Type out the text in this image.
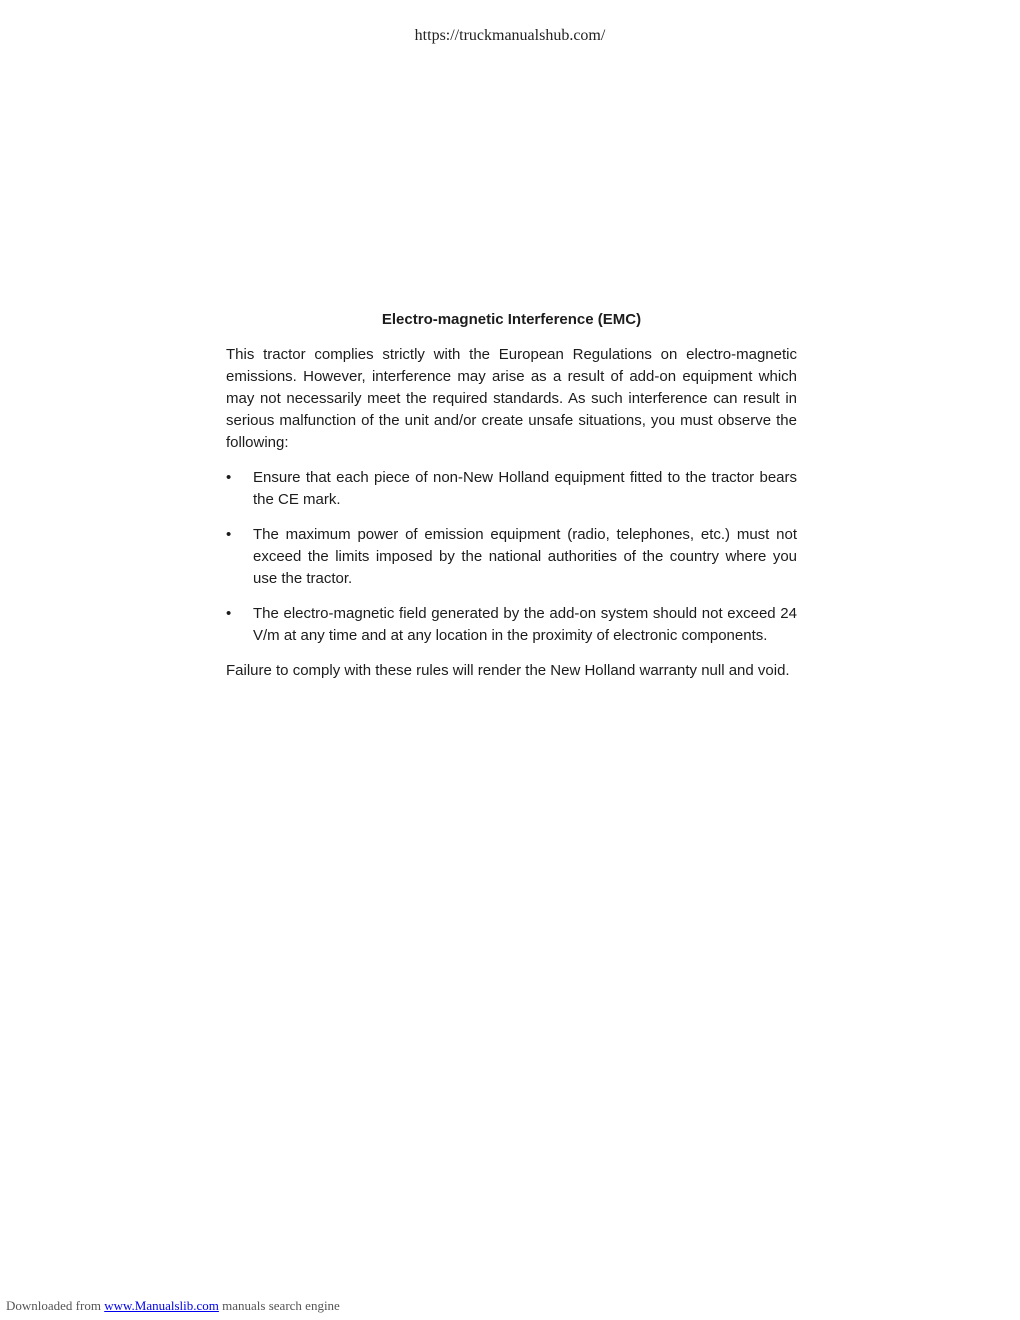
https://truckmanualshub.com/
Electro-magnetic Interference (EMC)

This tractor complies strictly with the European Regulations on electro-magnetic emissions. However, interference may arise as a result of add-on equipment which may not necessarily meet the required standards. As such interference can result in serious malfunction of the unit and/or create unsafe situations, you must observe the following:

•	Ensure that each piece of non-New Holland equipment fitted to the tractor bears the CE mark.
•	The maximum power of emission equipment (radio, telephones, etc.) must not exceed the limits imposed by the national authorities of the country where you use the tractor.
•	The electro-magnetic field generated by the add-on system should not exceed 24 V/m at any time and at any location in the proximity of electronic components.

Failure to comply with these rules will render the New Holland warranty null and void.

Downloaded from www.Manualslib.com manuals search engine
